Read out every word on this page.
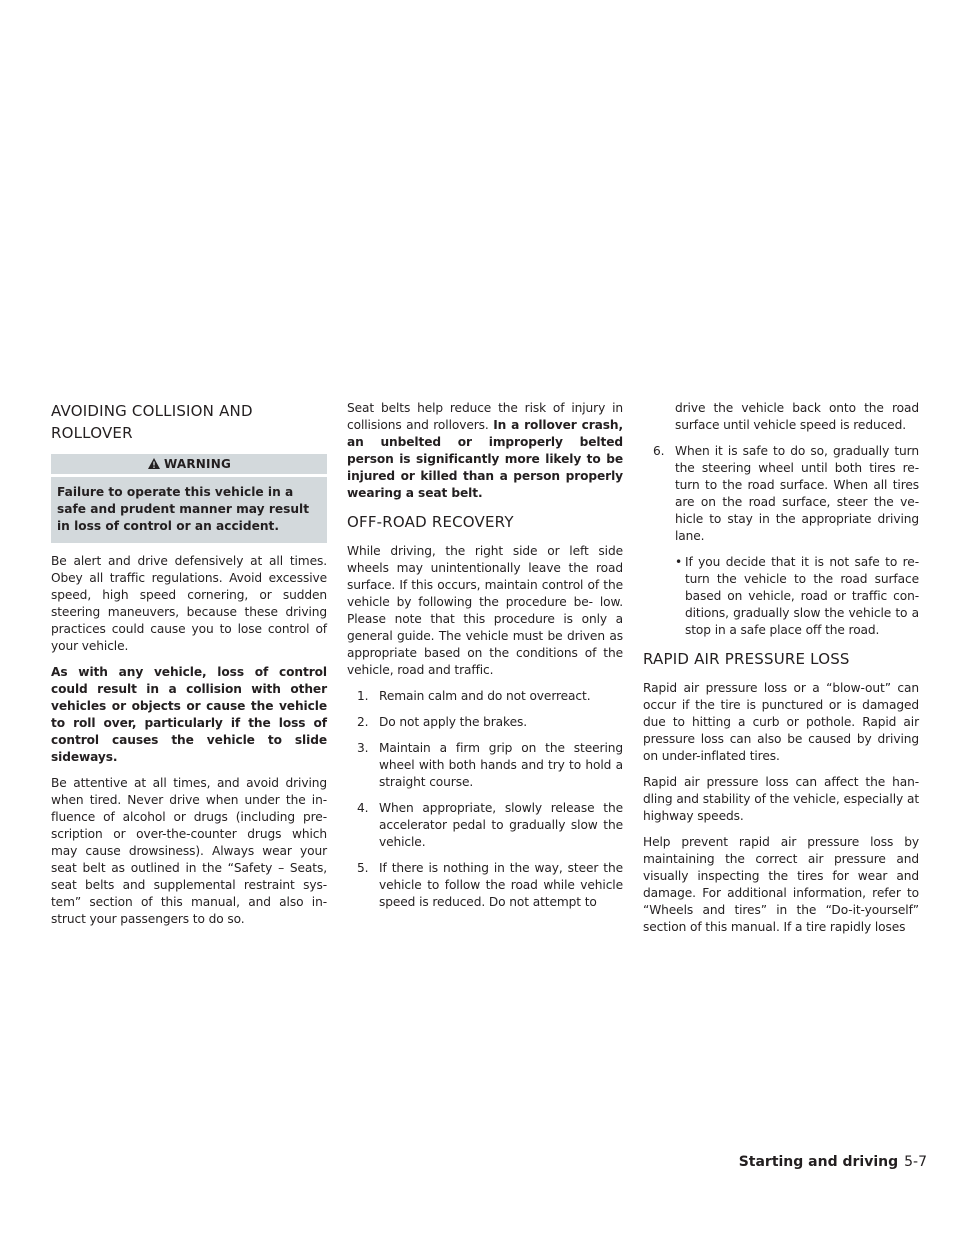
AVOIDING COLLISION AND
ROLLOVER
WARNING
Failure to operate this vehicle in a safe and prudent manner may result in loss of control or an accident.

Be alert and drive defensively at all times. Obey all traffic regulations. Avoid excessive speed, high speed cornering, or sudden steering maneuvers, because these driving practices could cause you to lose control of your vehicle.

As with any vehicle, loss of control could result in a collision with other vehicles or objects or cause the vehicle to roll over, particularly if the loss of control causes the vehicle to slide sideways.

Be attentive at all times, and avoid driving when tired. Never drive when under the in- fluence of alcohol or drugs (including pre- scription or over-the-counter drugs which may cause drowsiness). Always wear your seat belt as outlined in the “Safety – Seats, seat belts and supplemental restraint sys- tem” section of this manual, and also in- struct your passengers to do so.

Seat belts help reduce the risk of injury in collisions and rollovers. In a rollover crash, an unbelted or improperly belted person is significantly more likely to be injured or killed than a person properly wearing a seat belt.

OFF-ROAD RECOVERY

While driving, the right side or left side wheels may unintentionally leave the road surface. If this occurs, maintain control of the vehicle by following the procedure be- low. Please note that this procedure is only a general guide. The vehicle must be driven as appropriate based on the conditions of the vehicle, road and traffic.

1. Remain calm and do not overreact.
2. Do not apply the brakes.
3. Maintain a firm grip on the steering wheel with both hands and try to hold a straight course.
4. When appropriate, slowly release the accelerator pedal to gradually slow the vehicle.
5. If there is nothing in the way, steer the vehicle to follow the road while vehicle speed is reduced. Do not attempt to

drive the vehicle back onto the road surface until vehicle speed is reduced.

6. When it is safe to do so, gradually turn the steering wheel until both tires re- turn to the road surface. When all tires are on the road surface, steer the ve- hicle to stay in the appropriate driving lane.
• If you decide that it is not safe to re- turn the vehicle to the road surface based on vehicle, road or traffic con- ditions, gradually slow the vehicle to a stop in a safe place off the road.
RAPID AIR PRESSURE LOSS

Rapid air pressure loss or a “blow-out” can occur if the tire is punctured or is damaged due to hitting a curb or pothole. Rapid air pressure loss can also be caused by driving on under-inflated tires.

Rapid air pressure loss can affect the han- dling and stability of the vehicle, especially at highway speeds.

Help prevent rapid air pressure loss by maintaining the correct air pressure and visually inspecting the tires for wear and damage. For additional information, refer to “Wheels and tires” in the “Do-it-yourself” section of this manual. If a tire rapidly loses

Starting and driving 5-7
